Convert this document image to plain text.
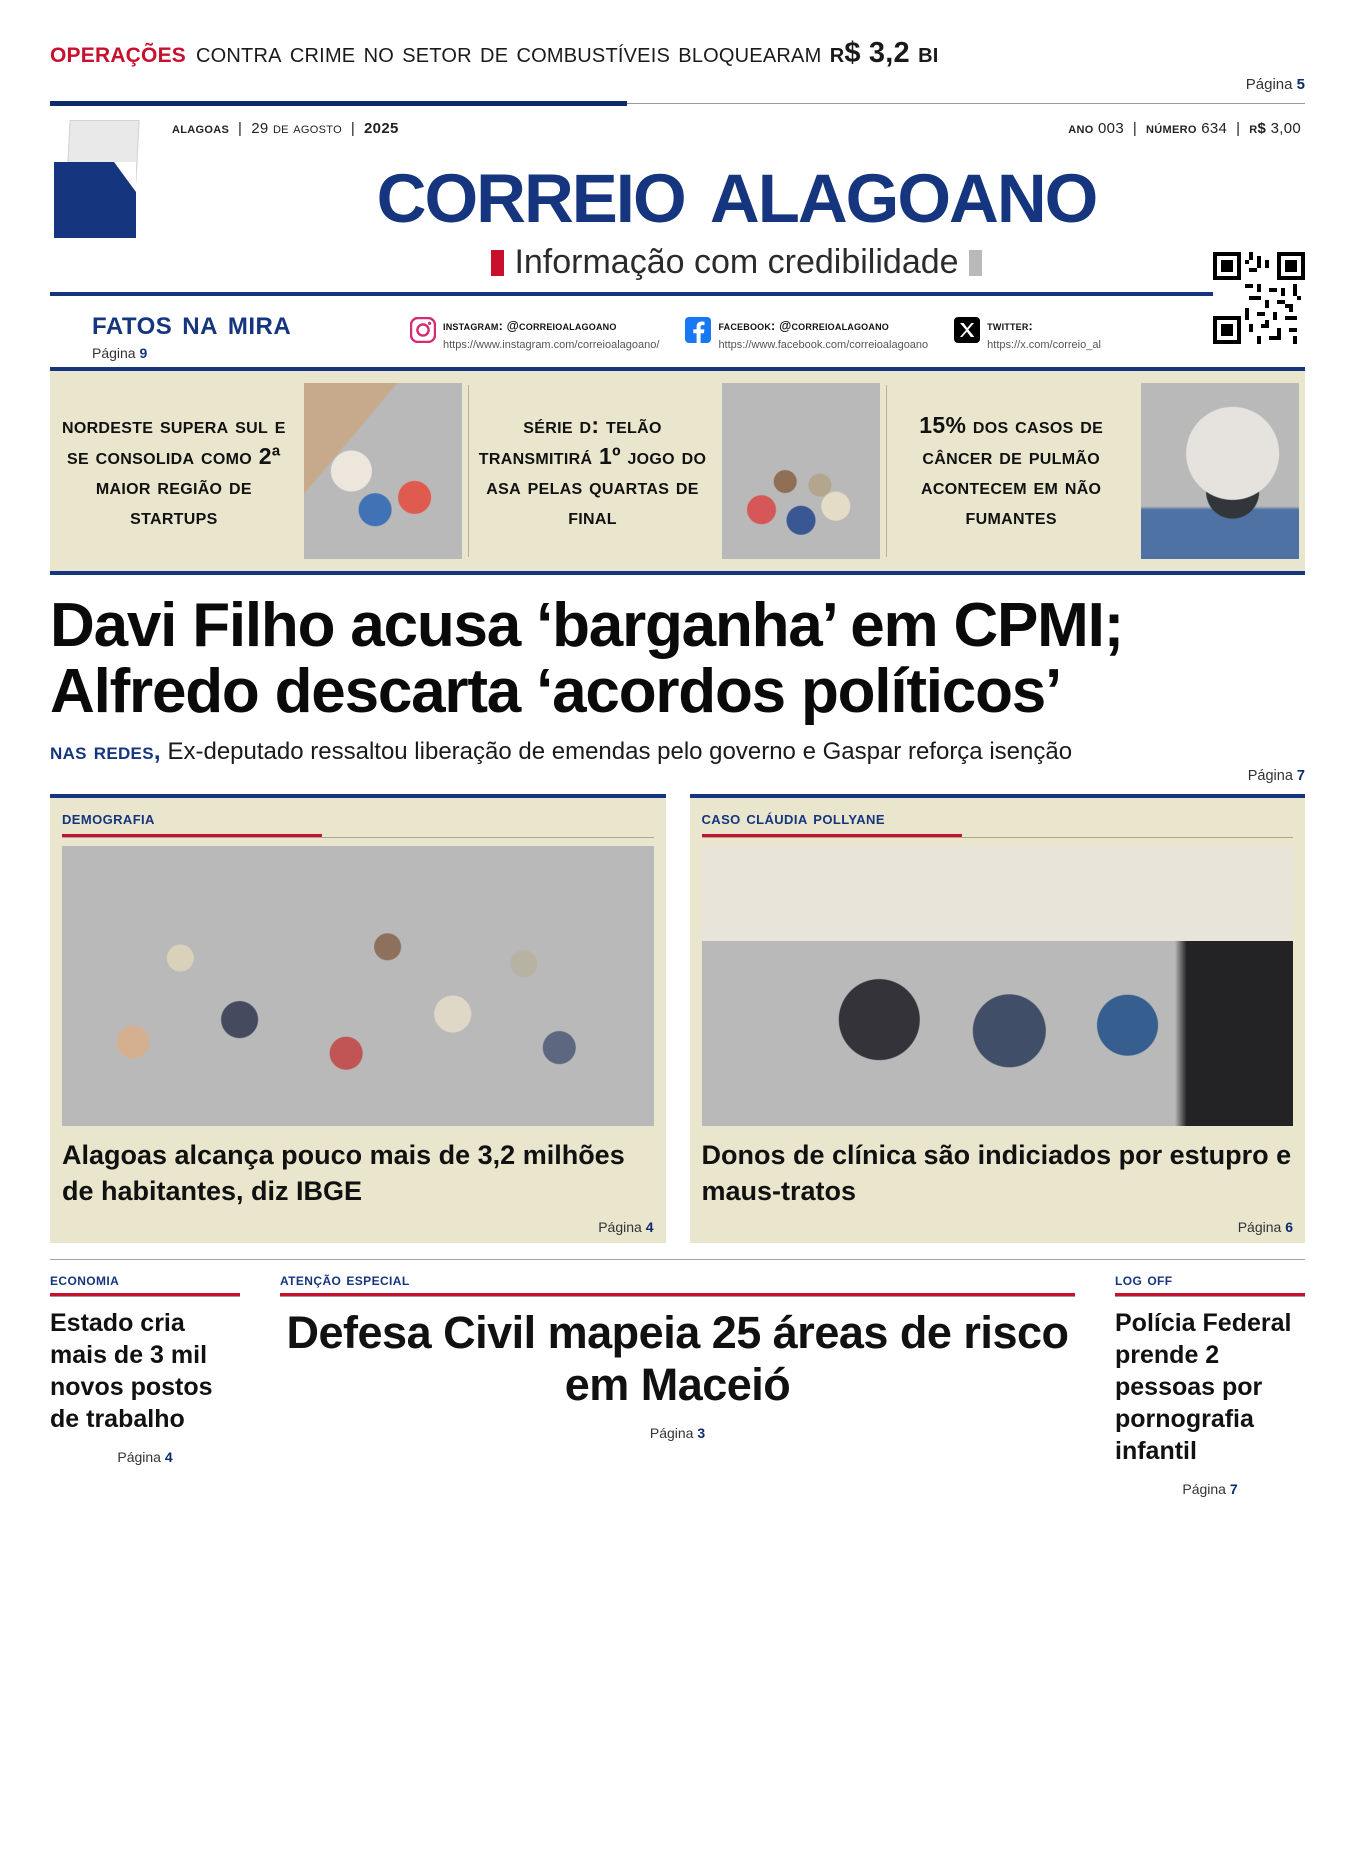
operações contra crime no setor de combustíveis bloquearam r$ 3,2 bi
Página 5
alagoas  |  29 de agosto  |  2025	ano 003  |  número 634  |  r$ 3,00
correio alagoano
Informação com credibilidade
fatos na mira
Página 9
instagram: @correioalagoano
https://www.instagram.com/correioalagoano/
facebook: @correioalagoano
https://www.facebook.com/correioalagoano
twitter:
https://x.com/correio_al
nordeste supera sul e se consolida como 2ª maior região de startups
série d: telão transmitirá 1º jogo do asa pelas quartas de final
15% dos casos de câncer de pulmão acontecem em não fumantes
Davi Filho acusa ‘barganha’ em CPMI;
Alfredo descarta ‘acordos políticos’
nas redes, Ex-deputado ressaltou liberação de emendas pelo governo e Gaspar reforça isenção
Página 7
demografia
Alagoas alcança pouco mais de 3,2 milhões de habitantes, diz IBGE
Página 4
caso cláudia pollyane
Donos de clínica são indiciados por estupro e maus-tratos
Página 6
economia
Estado cria mais de 3 mil novos postos de trabalho
Página 4
atenção especial
Defesa Civil mapeia 25 áreas de risco em Maceió
Página 3
log off
Polícia Federal prende 2 pessoas por pornografia infantil
Página 7
